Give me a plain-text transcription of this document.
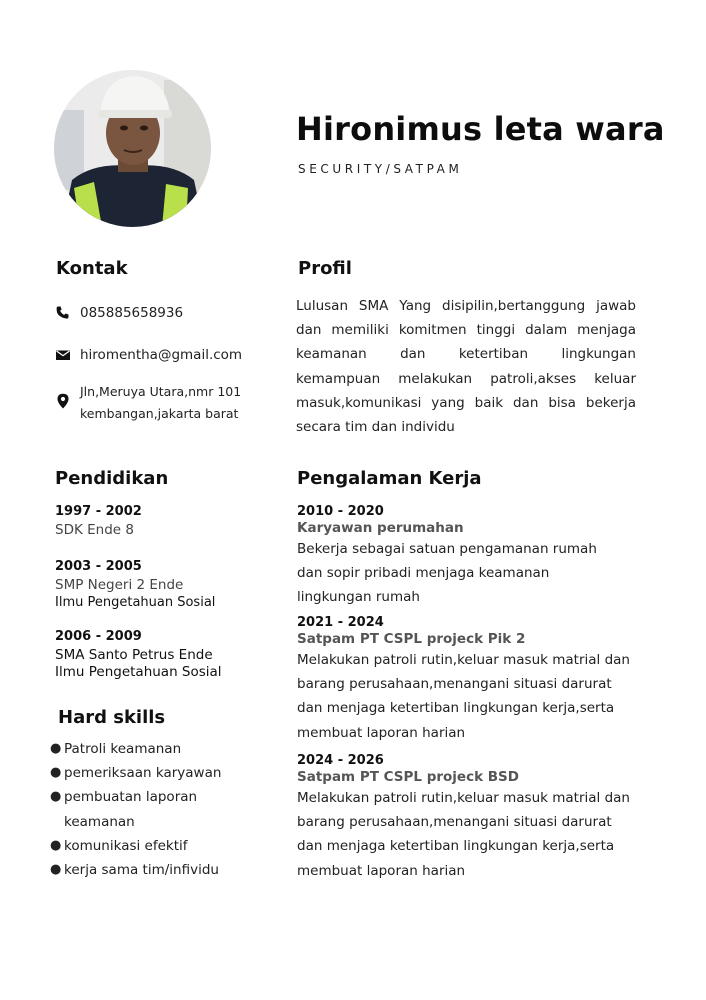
Hironimus leta wara
SECURITY/SATPAM
Kontak
085885658936
hiromentha@gmail.com
Jln,Meruya Utara,nmr 101
kembangan,jakarta barat
Profil
Lulusan SMA Yang disipilin,bertanggung jawab dan memiliki komitmen tinggi dalam menjaga keamanan dan ketertiban lingkungan kemampuan melakukan patroli,akses keluar masuk,komunikasi yang baik dan bisa bekerja secara tim dan individu
Pendidikan
1997 - 2002
SDK Ende 8
2003 - 2005
SMP Negeri 2 Ende
Ilmu Pengetahuan Sosial
2006 - 2009
SMA Santo Petrus Ende
Ilmu Pengetahuan Sosial
Hard skills
● Patroli keamanan
● pemeriksaan karyawan
● pembuatan laporan
keamanan
● komunikasi efektif
● kerja sama tim/infividu
Pengalaman Kerja
2010 - 2020
Karyawan perumahan
Bekerja sebagai satuan pengamanan rumah
dan sopir pribadi menjaga keamanan
lingkungan rumah
2021 - 2024
Satpam PT CSPL projeck Pik 2
Melakukan patroli rutin,keluar masuk matrial dan
barang perusahaan,menangani situasi darurat
dan menjaga ketertiban lingkungan kerja,serta
membuat laporan harian
2024 - 2026
Satpam PT CSPL projeck BSD
Melakukan patroli rutin,keluar masuk matrial dan
barang perusahaan,menangani situasi darurat
dan menjaga ketertiban lingkungan kerja,serta
membuat laporan harian
